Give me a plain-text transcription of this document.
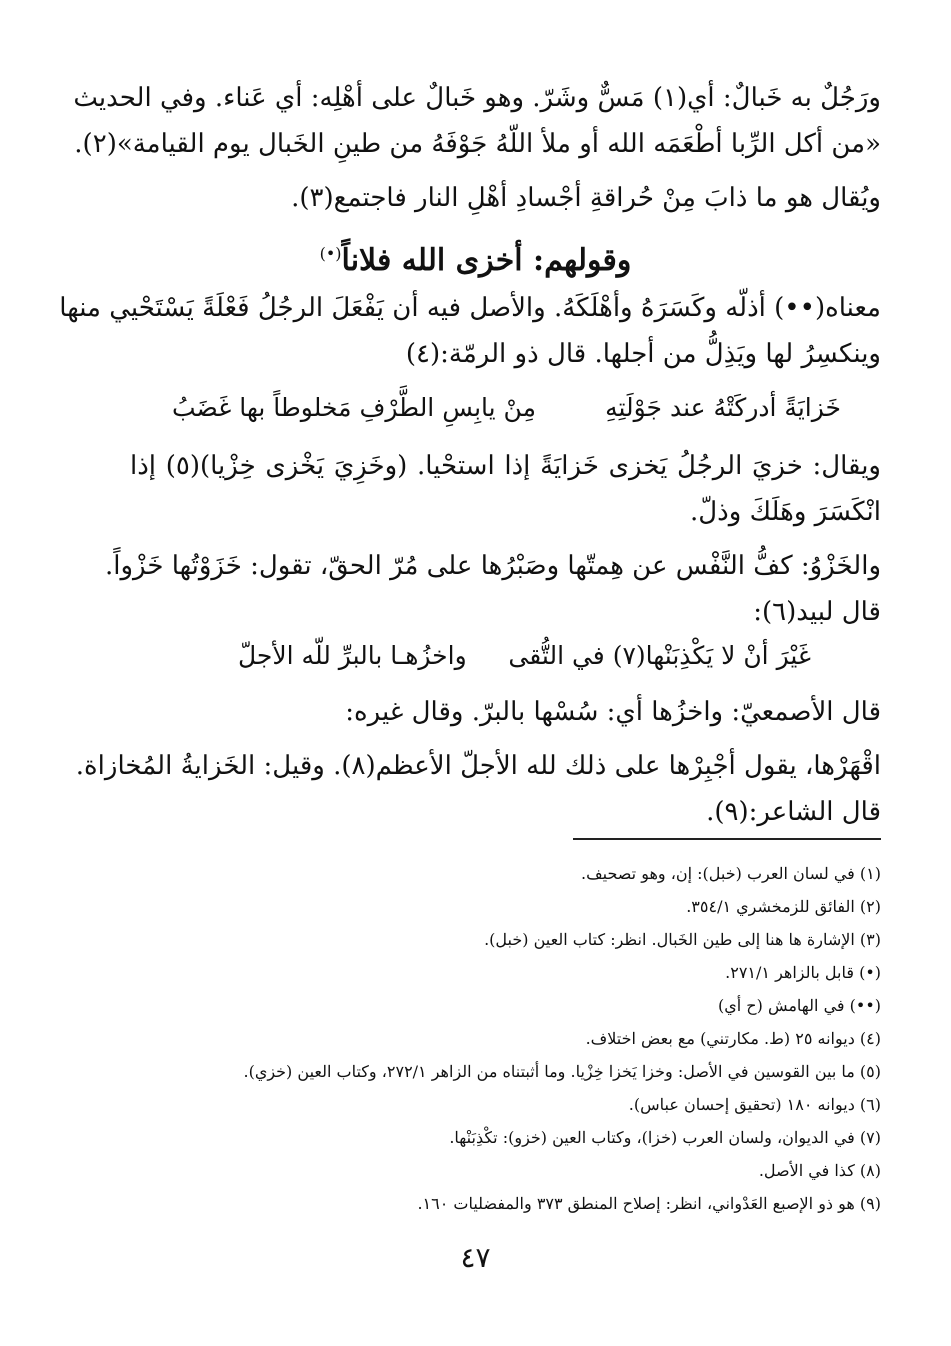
ورَجُلٌ به خَبالٌ: أي(١) مَسٌّ وشَرّ. وهو خَبالٌ على أهْلِه: أي عَناء. وفي الحديث
«من أكل الرِّبا أطْعَمَه الله أو ملأ اللّهُ جَوْفَهُ من طينِ الخَبال يوم القيامة»(٢).
ويُقال هو ما ذابَ مِنْ حُراقةِ أجْسادِ أهْلِ النار فاجتمع(٣).
وقولهم: أخزى الله فلاناً(•)
معناه(••) أذلّه وكَسَرَهُ وأهْلَكَهُ. والأصل فيه أن يَفْعَلَ الرجُلُ فَعْلَةً يَسْتَحْيي منها
وينكسِرُ لها ويَذِلُّ من أجلها. قال ذو الرمّة:(٤)
خَزايَةً أدركَتْهُ عند جَوْلَتِهِ
مِنْ يابِسِ الطَّرْفِ مَخلوطاً بها غَضَبُ
ويقال: خزيَ الرجُلُ يَخزى خَزايَةً إذا استحْيا. (وخَزِيَ يَخْزى خِزْيا)(٥) إذا
انْكَسَرَ وهَلَكَ وذلّ.
والخَزْوُ: كفُّ النَّفْس عن هِمتّها وصَبْرُها على مُرّ الحقّ، تقول: خَزَوْتُها خَزْواً.
قال لبيد(٦):
غَيْرَ أنْ لا يَكْذِبَنْها(٧) في التُّقى
واخزُهـا بالبرِّ للّه الأجلّ
قال الأصمعيّ: واخزُها أي: سُسْها بالبرّ. وقال غيره:
اقْهَرْها، يقول أجْبِرْها على ذلك لله الأجلّ الأعظم(٨). وقيل: الخَزايةُ المُخازاة.
قال الشاعر:(٩).
(١) في لسان العرب (خبل): إن، وهو تصحيف.
(٢) الفائق للزمخشري ٣٥٤/١.
(٣) الإشارة ها هنا إلى طين الخَبال. انظر: كتاب العين (خبل).
(•) قابل بالزاهر ٢٧١/١.
(••) في الهامش (ح أي)
(٤) ديوانه ٢٥ (ط. مكارتني) مع بعض اختلاف.
(٥) ما بين القوسين في الأصل: وخزا يَخزا خِزْيا. وما أثبتناه من الزاهر ٢٧٢/١، وكتاب العين (خزي).
(٦) ديوانه ١٨٠ (تحقيق إحسان عباس).
(٧) في الديوان، ولسان العرب (خزا)، وكتاب العين (خزو): تكْذِبَنْها.
(٨) كذا في الأصل.
(٩) هو ذو الإصبع العَدْواني، انظر: إصلاح المنطق ٣٧٣ والمفضليات ١٦٠.
٤٧
